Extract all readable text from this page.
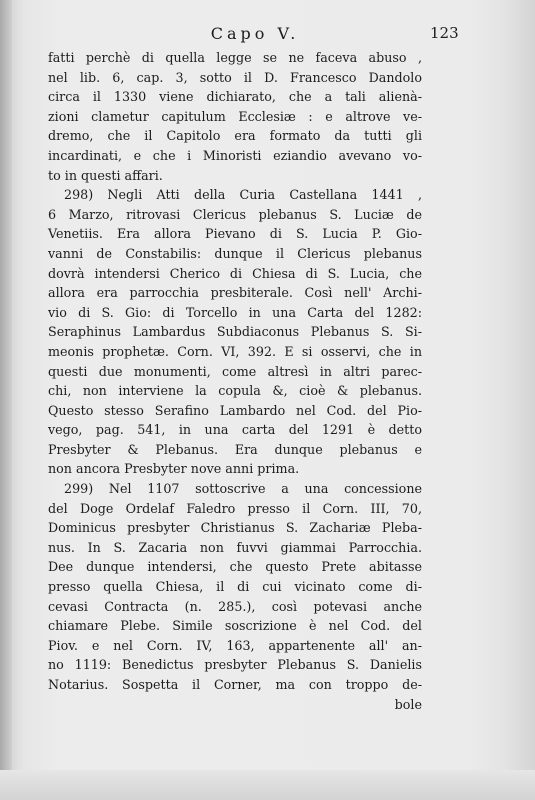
Capo V.	123
fatti perchè di quella legge se ne faceva abuso ,
nel lib. 6, cap. 3, sotto il D. Francesco Dandolo
circa il 1330 viene dichiarato, che a tali alienà-
zioni clametur capitulum Ecclesiæ : e altrove ve-
dremo, che il Capitolo era formato da tutti gli
incardinati, e che i Minoristi eziandio avevano vo-
to in questi affari.
298) Negli Atti della Curia Castellana 1441 ,
6 Marzo, ritrovasi Clericus plebanus S. Luciæ de
Venetiis. Era allora Pievano di S. Lucia P. Gio-
vanni de Constabilis: dunque il Clericus plebanus
dovrà intendersi Cherico di Chiesa di S. Lucia, che
allora era parrocchia presbiterale. Così nell' Archi-
vio di S. Gio: di Torcello in una Carta del 1282:
Seraphinus Lambardus Subdiaconus Plebanus S. Si-
meonis prophetæ. Corn. VI, 392. E si osservi, che in
questi due monumenti, come altresì in altri parec-
chi, non interviene la copula &, cioè & plebanus.
Questo stesso Serafino Lambardo nel Cod. del Pio-
vego, pag. 541, in una carta del 1291 è detto
Presbyter & Plebanus. Era dunque plebanus e
non ancora Presbyter nove anni prima.
299) Nel 1107 sottoscrive a una concessione
del Doge Ordelaf Faledro presso il Corn. III, 70,
Dominicus presbyter Christianus S. Zachariæ Pleba-
nus. In S. Zacaria non fuvvi giammai Parrocchia.
Dee dunque intendersi, che questo Prete abitasse
presso quella Chiesa, il di cui vicinato come di-
cevasi Contracta (n. 285.), così potevasi anche
chiamare Plebe. Simile soscrizione è nel Cod. del
Piov. e nel Corn. IV, 163, appartenente all' an-
no 1119: Benedictus presbyter Plebanus S. Danielis
Notarius. Sospetta il Corner, ma con troppo de-
bole
